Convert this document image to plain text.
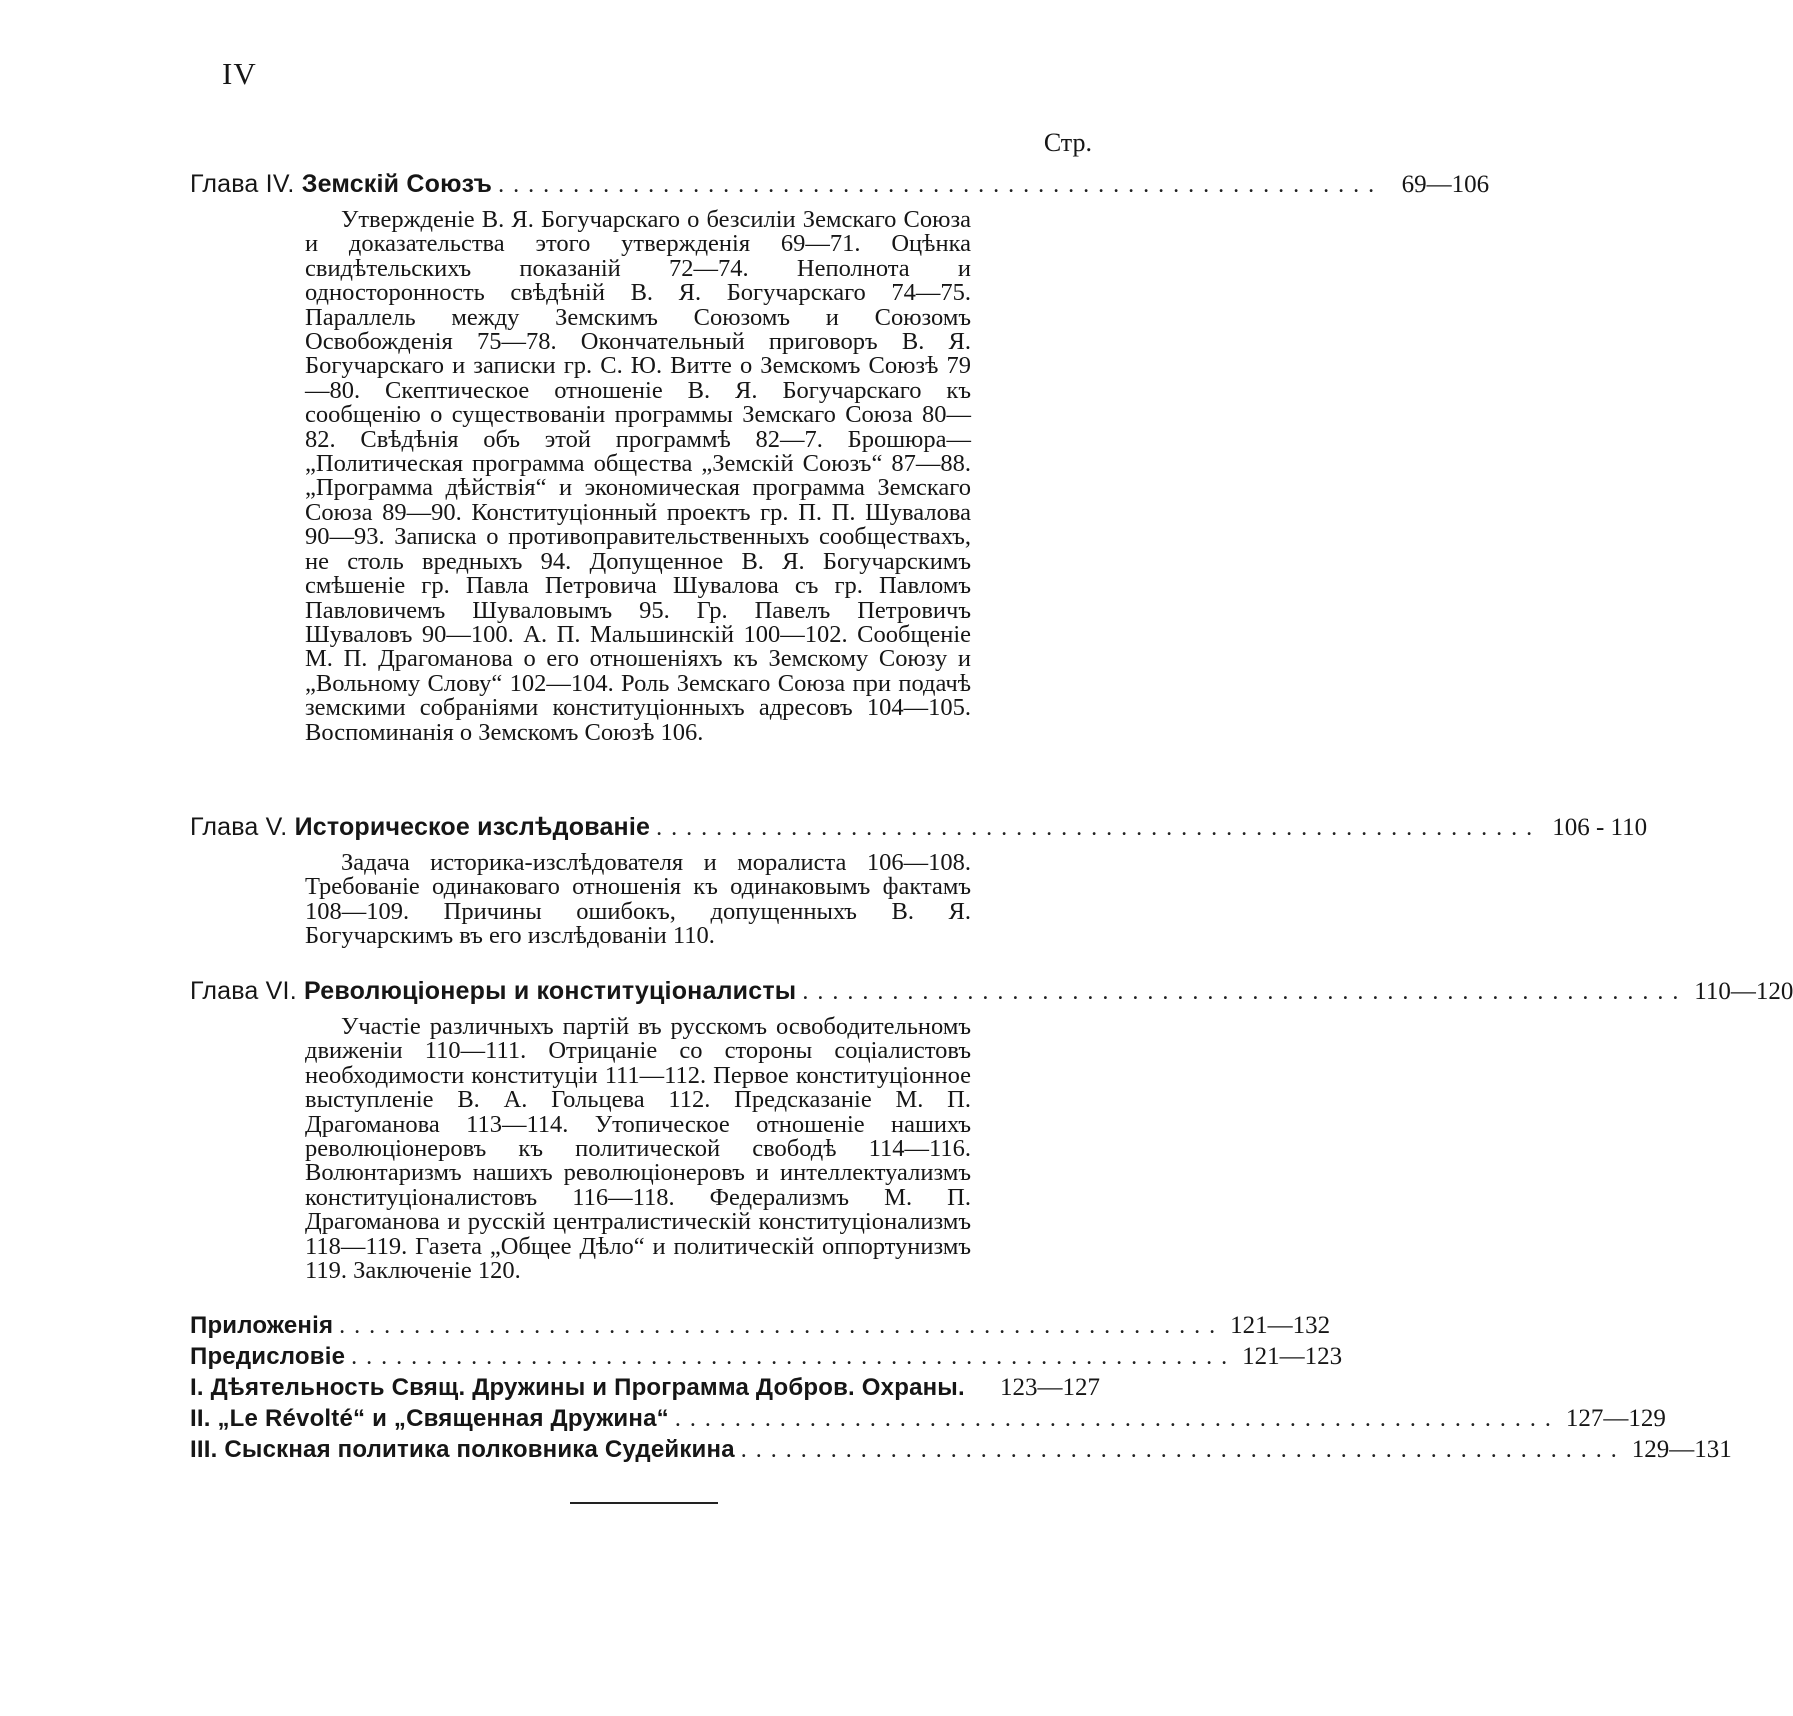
IV
Стр.
Глава IV. Земскій Союзъ ........................................................... 69—106
Утвержденіе В. Я. Богучарскаго о безсиліи Земскаго Союза и доказательства этого утвержденія 69—71. Оцѣнка свидѣтельскихъ показаній 72—74. Неполнота и односторонность свѣдѣній В. Я. Богучарскаго 74—75. Параллель между Земскимъ Союзомъ и Союзомъ Освобожденія 75—78. Окончательный приговоръ В. Я. Богучарскаго и записки гр. С. Ю. Витте о Земскомъ Союзѣ 79—80. Скептическое отношеніе В. Я. Богучарскаго къ сообщенію о существованіи программы Земскаго Союза 80—82. Свѣдѣнія объ этой программѣ 82—7. Брошюра—„Политическая программа общества „Земскій Союзъ“ 87—88. „Программа дѣйствія“ и экономическая программа Земскаго Союза 89—90. Конституціонный проектъ гр. П. П. Шувалова 90—93. Записка о противоправительственныхъ сообществахъ, не столь вредныхъ 94. Допущенное В. Я. Богучарскимъ смѣшеніе гр. Павла Петровича Шувалова съ гр. Павломъ Павловичемъ Шуваловымъ 95. Гр. Павелъ Петровичъ Шуваловъ 90—100. А. П. Мальшинскій 100—102. Сообщеніе М. П. Драгоманова о его отношеніяхъ къ Земскому Союзу и „Вольному Слову“ 102—104. Роль Земскаго Союза при подачѣ земскими собраніями конституціонныхъ адресовъ 104—105. Воспоминанія о Земскомъ Союзѣ 106.
Глава V. Историческое изслѣдованіе ........................................................... 106 - 110
Задача историка-изслѣдователя и моралиста 106—108. Требованіе одинаковаго отношенія къ одинаковымъ фактамъ 108—109. Причины ошибокъ, допущенныхъ В. Я. Богучарскимъ въ его изслѣдованіи 110.
Глава VI. Революціонеры и конституціоналисты ........................................................... 110—120
Участіе различныхъ партій въ русскомъ освободительномъ движеніи 110—111. Отрицаніе со стороны соціалистовъ необходимости конституціи 111—112. Первое конституціонное выступленіе В. А. Гольцева 112. Предсказаніе М. П. Драгоманова 113—114. Утопическое отношеніе нашихъ революціонеровъ къ политической свободѣ 114—116. Волюнтаризмъ нашихъ революціонеровъ и интеллектуализмъ конституціоналистовъ 116—118. Федерализмъ М. П. Драгоманова и русскій централистическій конституціонализмъ 118—119. Газета „Общее Дѣло“ и политическій оппортунизмъ 119. Заключеніе 120.
Приложенія ........................................................... 121—132
Предисловіе ........................................................... 121—123
I. Дѣятельность Свящ. Дружины и Программа Добров. Охраны. 123—127
II. „Le Révolté“ и „Священная Дружина“ ........................................................... 127—129
III. Сыскная политика полковника Судейкина ........................................................... 129—131
